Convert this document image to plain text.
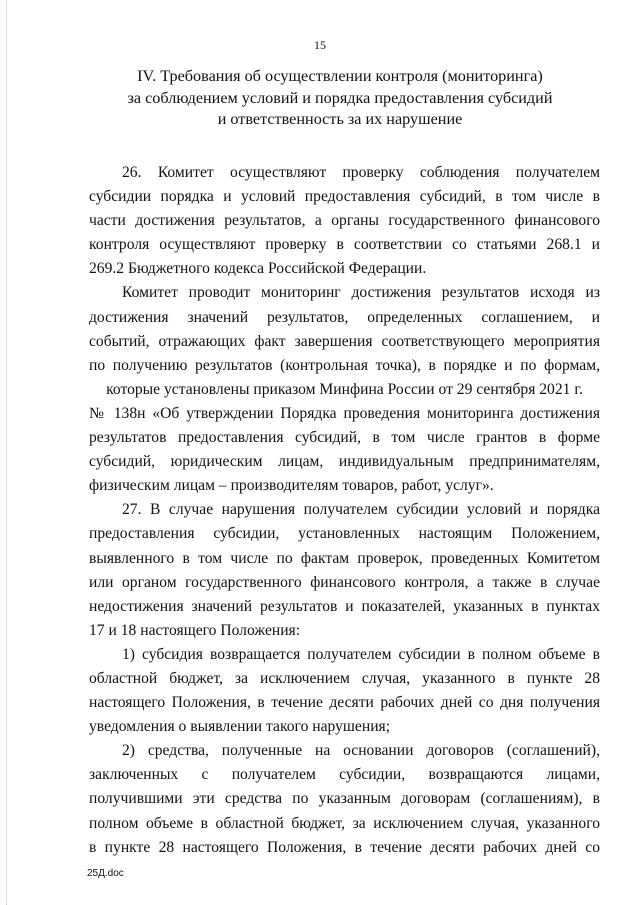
15
IV. Требования об осуществлении контроля (мониторинга)
за соблюдением условий и порядка предоставления субсидий
и ответственность за их нарушение
26. Комитет осуществляют проверку соблюдения получателем
субсидии порядка и условий предоставления субсидий, в том числе в
части достижения результатов, а органы государственного финансового
контроля осуществляют проверку в соответствии со статьями 268.1 и
269.2 Бюджетного кодекса Российской Федерации.
Комитет проводит мониторинг достижения результатов исходя из
достижения значений результатов, определенных соглашением, и
событий, отражающих факт завершения соответствующего мероприятия
по получению результатов (контрольная точка), в порядке и по формам,
которые установлены приказом Минфина России от 29 сентября 2021 г.
№ 138н «Об утверждении Порядка проведения мониторинга достижения
результатов предоставления субсидий, в том числе грантов в форме
субсидий, юридическим лицам, индивидуальным предпринимателям,
физическим лицам – производителям товаров, работ, услуг».
27. В случае нарушения получателем субсидии условий и порядка
предоставления субсидии, установленных настоящим Положением,
выявленного в том числе по фактам проверок, проведенных Комитетом
или органом государственного финансового контроля, а также в случае
недостижения значений результатов и показателей, указанных в пунктах
17 и 18 настоящего Положения:
1) субсидия возвращается получателем субсидии в полном объеме в
областной бюджет, за исключением случая, указанного в пункте 28
настоящего Положения, в течение десяти рабочих дней со дня получения
уведомления о выявлении такого нарушения;
2) средства, полученные на основании договоров (соглашений),
заключенных с получателем субсидии, возвращаются лицами,
получившими эти средства по указанным договорам (соглашениям), в
полном объеме в областной бюджет, за исключением случая, указанного
в пункте 28 настоящего Положения, в течение десяти рабочих дней со
25Д.doc
